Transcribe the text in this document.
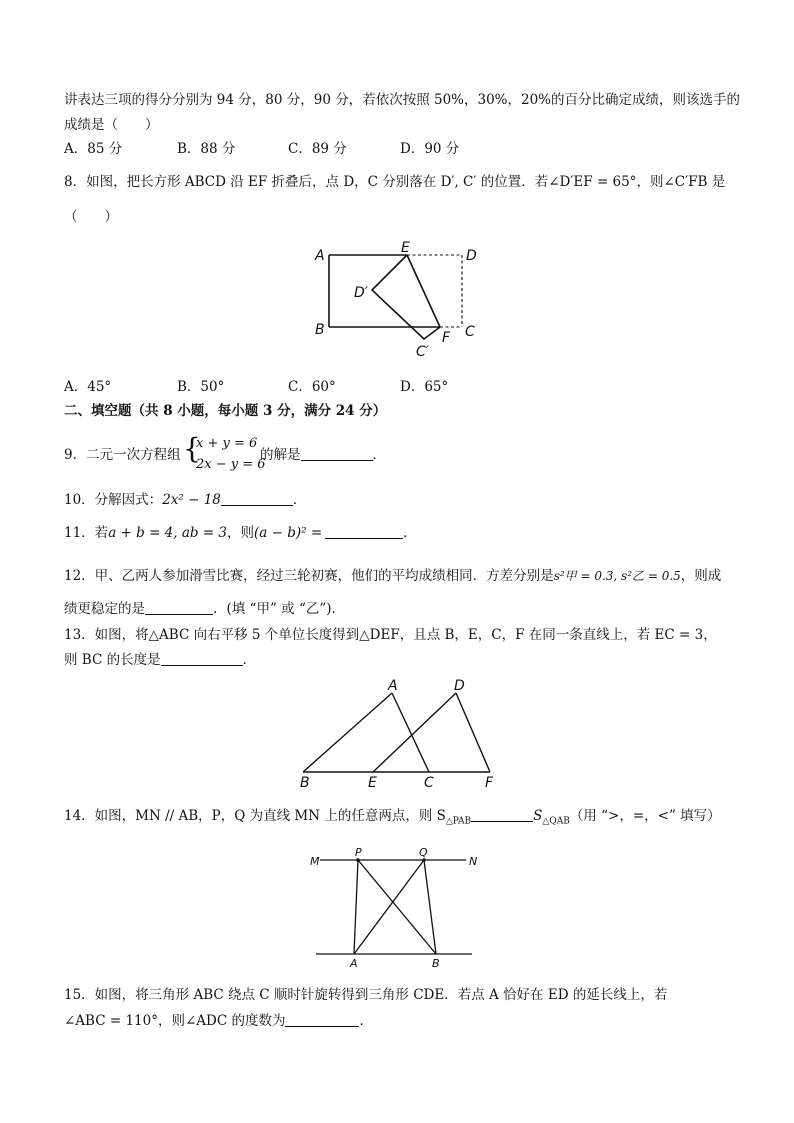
讲表达三项的得分分别为 94 分，80 分，90 分，若依次按照 50%，30%，20%的百分比确定成绩，则该选手的
成绩是（　　）
A．85 分	B．88 分	C．89 分	D．90 分
8．如图，把长方形 ABCD 沿 EF 折叠后，点 D，C 分别落在 D′, C′ 的位置．若∠D′EF = 65°，则∠C′FB 是
（　　）
A	E	D
D′
B	F C
C′
A．45°	B．50°	C．60°	D．65°
二、填空题（共 8 小题，每小题 3 分，满分 24 分）
9．二元一次方程组 {
x + y = 6
2x − y = 6
的解是	．
10．分解因式：2x² − 18	．
11．若a + b = 4, ab = 3，则(a − b)² =	．
12．甲、乙两人参加滑雪比赛，经过三轮初赛，他们的平均成绩相同．方差分别是s²甲 = 0.3, s²乙 = 0.5，则成
绩更稳定的是	．(填 “甲” 或 “乙”)．
13．如图，将△ABC 向右平移 5 个单位长度得到△DEF，且点 B，E，C，F 在同一条直线上，若 EC = 3，
则 BC 的长度是	．
A	D
B	E	C	F
14．如图，MN // AB，P，Q 为直线 MN 上的任意两点，则 $S_{\triangle PAB}$	$S_{\triangle QAB}$（用 “>，=，<” 填写）
M
P	Q
N
A	B
15．如图，将三角形 ABC 绕点 C 顺时针旋转得到三角形 CDE．若点 A 恰好在 ED 的延长线上，若
∠ABC = 110°，则∠ADC 的度数为	．
